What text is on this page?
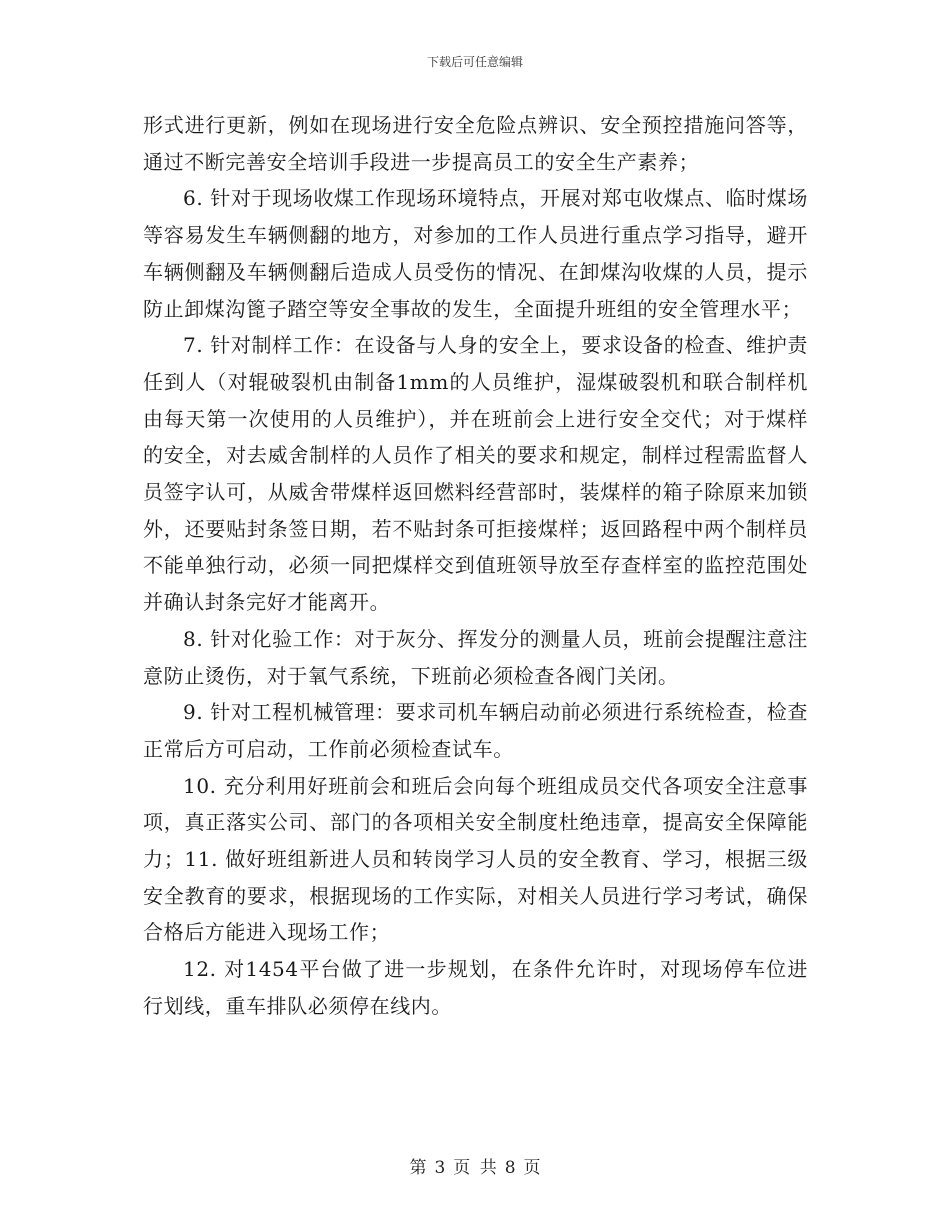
下载后可任意编辑

形式进行更新，例如在现场进行安全危险点辨识、安全预控措施问答等，通过不断完善安全培训手段进一步提高员工的安全生产素养；

6. 针对于现场收煤工作现场环境特点，开展对郑屯收煤点、临时煤场等容易发生车辆侧翻的地方，对参加的工作人员进行重点学习指导，避开车辆侧翻及车辆侧翻后造成人员受伤的情况、在卸煤沟收煤的人员，提示防止卸煤沟篦子踏空等安全事故的发生，全面提升班组的安全管理水平；

7. 针对制样工作：在设备与人身的安全上，要求设备的检查、维护责任到人（对辊破裂机由制备1mm的人员维护，湿煤破裂机和联合制样机由每天第一次使用的人员维护），并在班前会上进行安全交代；对于煤样的安全，对去威舍制样的人员作了相关的要求和规定，制样过程需监督人员签字认可，从威舍带煤样返回燃料经营部时，装煤样的箱子除原来加锁外，还要贴封条签日期，若不贴封条可拒接煤样；返回路程中两个制样员不能单独行动，必须一同把煤样交到值班领导放至存查样室的监控范围处并确认封条完好才能离开。

8. 针对化验工作：对于灰分、挥发分的测量人员，班前会提醒注意注意防止烫伤，对于氧气系统，下班前必须检查各阀门关闭。

9. 针对工程机械管理：要求司机车辆启动前必须进行系统检查，检查正常后方可启动，工作前必须检查试车。

10. 充分利用好班前会和班后会向每个班组成员交代各项安全注意事项，真正落实公司、部门的各项相关安全制度杜绝违章，提高安全保障能力；11. 做好班组新进人员和转岗学习人员的安全教育、学习，根据三级安全教育的要求，根据现场的工作实际，对相关人员进行学习考试，确保合格后方能进入现场工作；

12. 对1454平台做了进一步规划，在条件允许时，对现场停车位进行划线，重车排队必须停在线内。

第 3 页 共 8 页
